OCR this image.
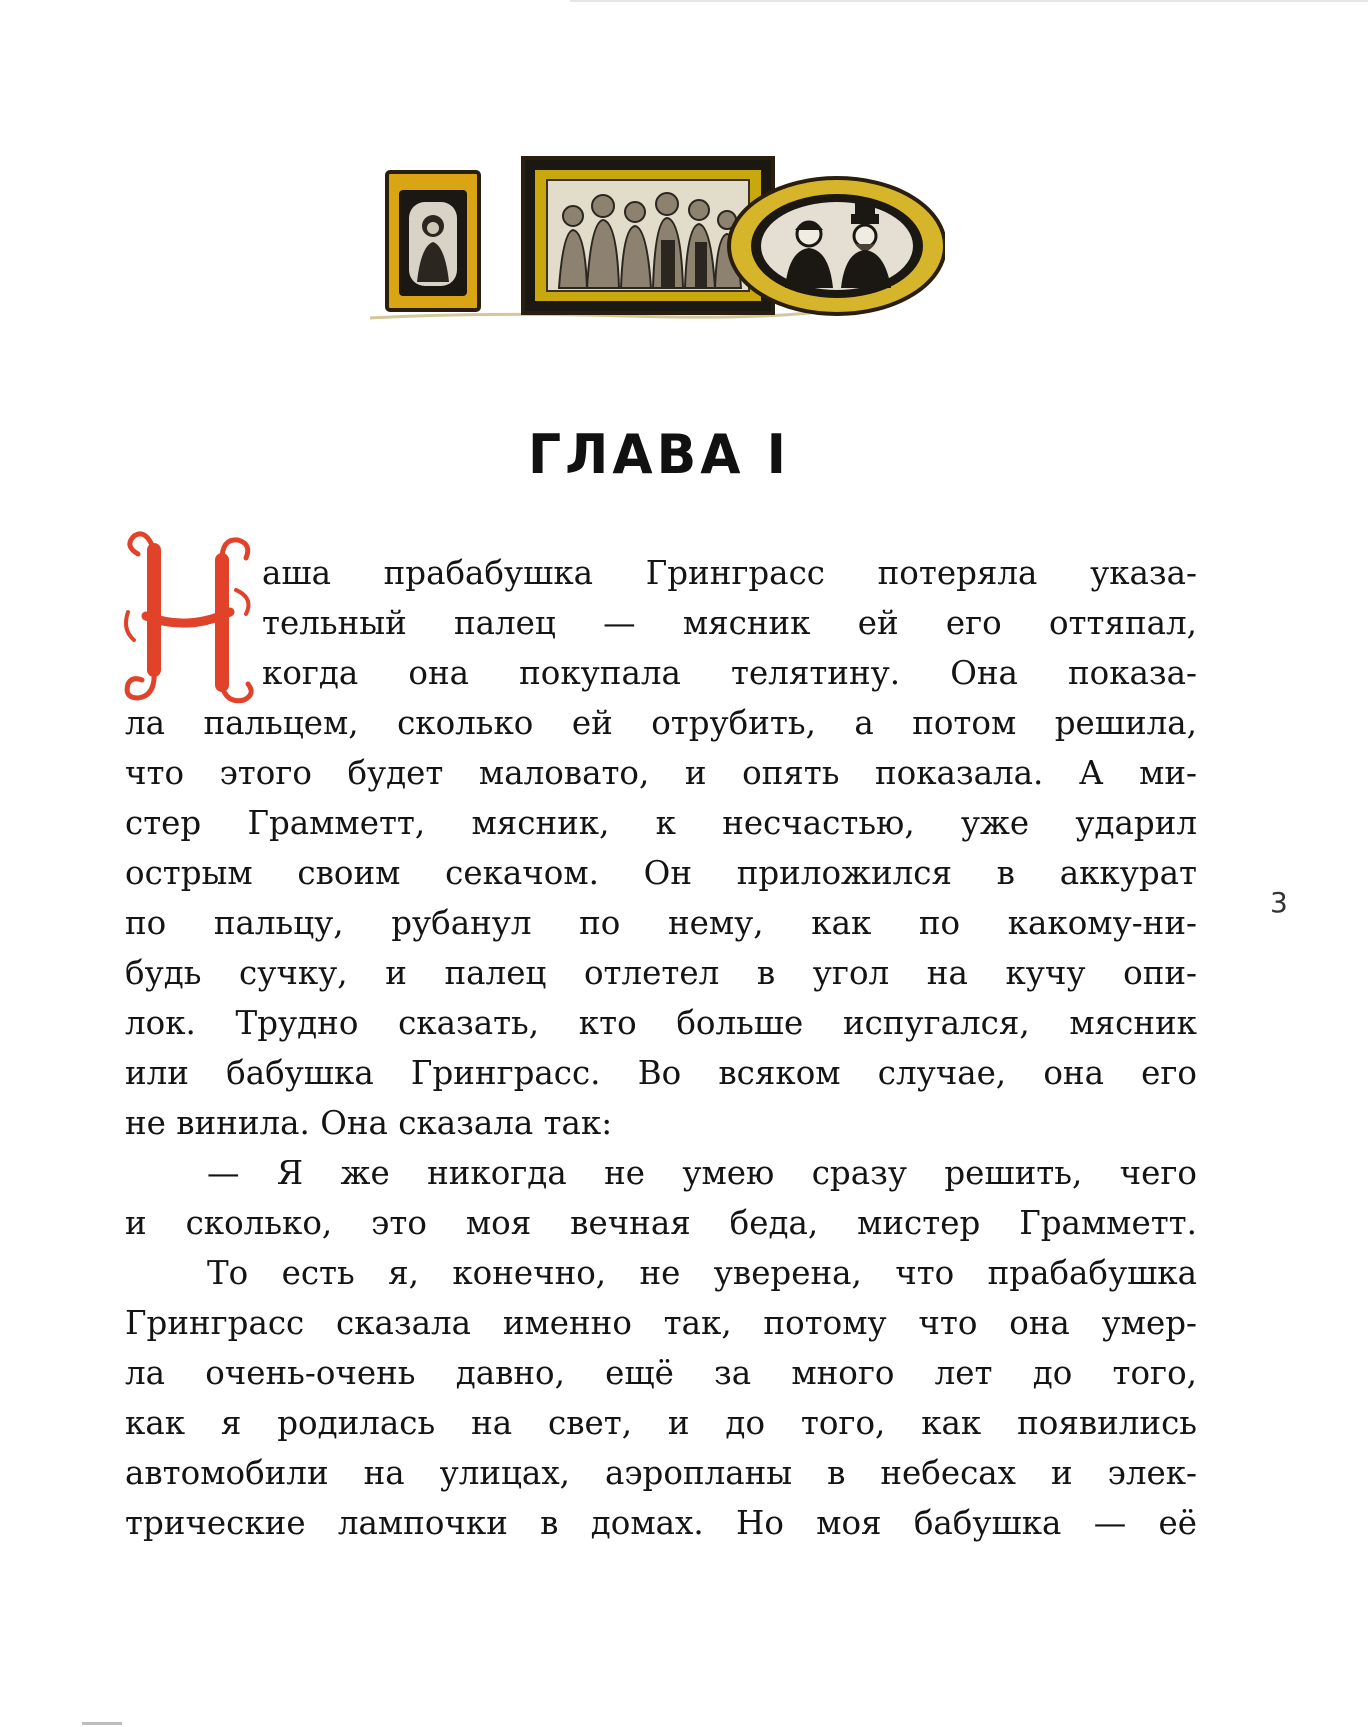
ГЛАВА I
аша прабабушка Гринграсс потеряла указа-
тельный палец — мясник ей его оттяпал,
когда она покупала телятину. Она показа-
ла пальцем, сколько ей отрубить, а потом решила,
что этого будет маловато, и опять показала. А ми-
стер Грамметт, мясник, к несчастью, уже ударил
острым своим секачом. Он приложился в аккурат
по пальцу, рубанул по нему, как по какому-ни-
будь сучку, и палец отлетел в угол на кучу опи-
лок. Трудно сказать, кто больше испугался, мясник
или бабушка Гринграсс. Во всяком случае, она его
не винила. Она сказала так:
— Я же никогда не умею сразу решить, чего
и сколько, это моя вечная беда, мистер Грамметт.
То есть я, конечно, не уверена, что прабабушка
Гринграсс сказала именно так, потому что она умер-
ла очень-очень давно, ещё за много лет до того,
как я родилась на свет, и до того, как появились
автомобили на улицах, аэропланы в небесах и элек-
трические лампочки в домах. Но моя бабушка — её
3
